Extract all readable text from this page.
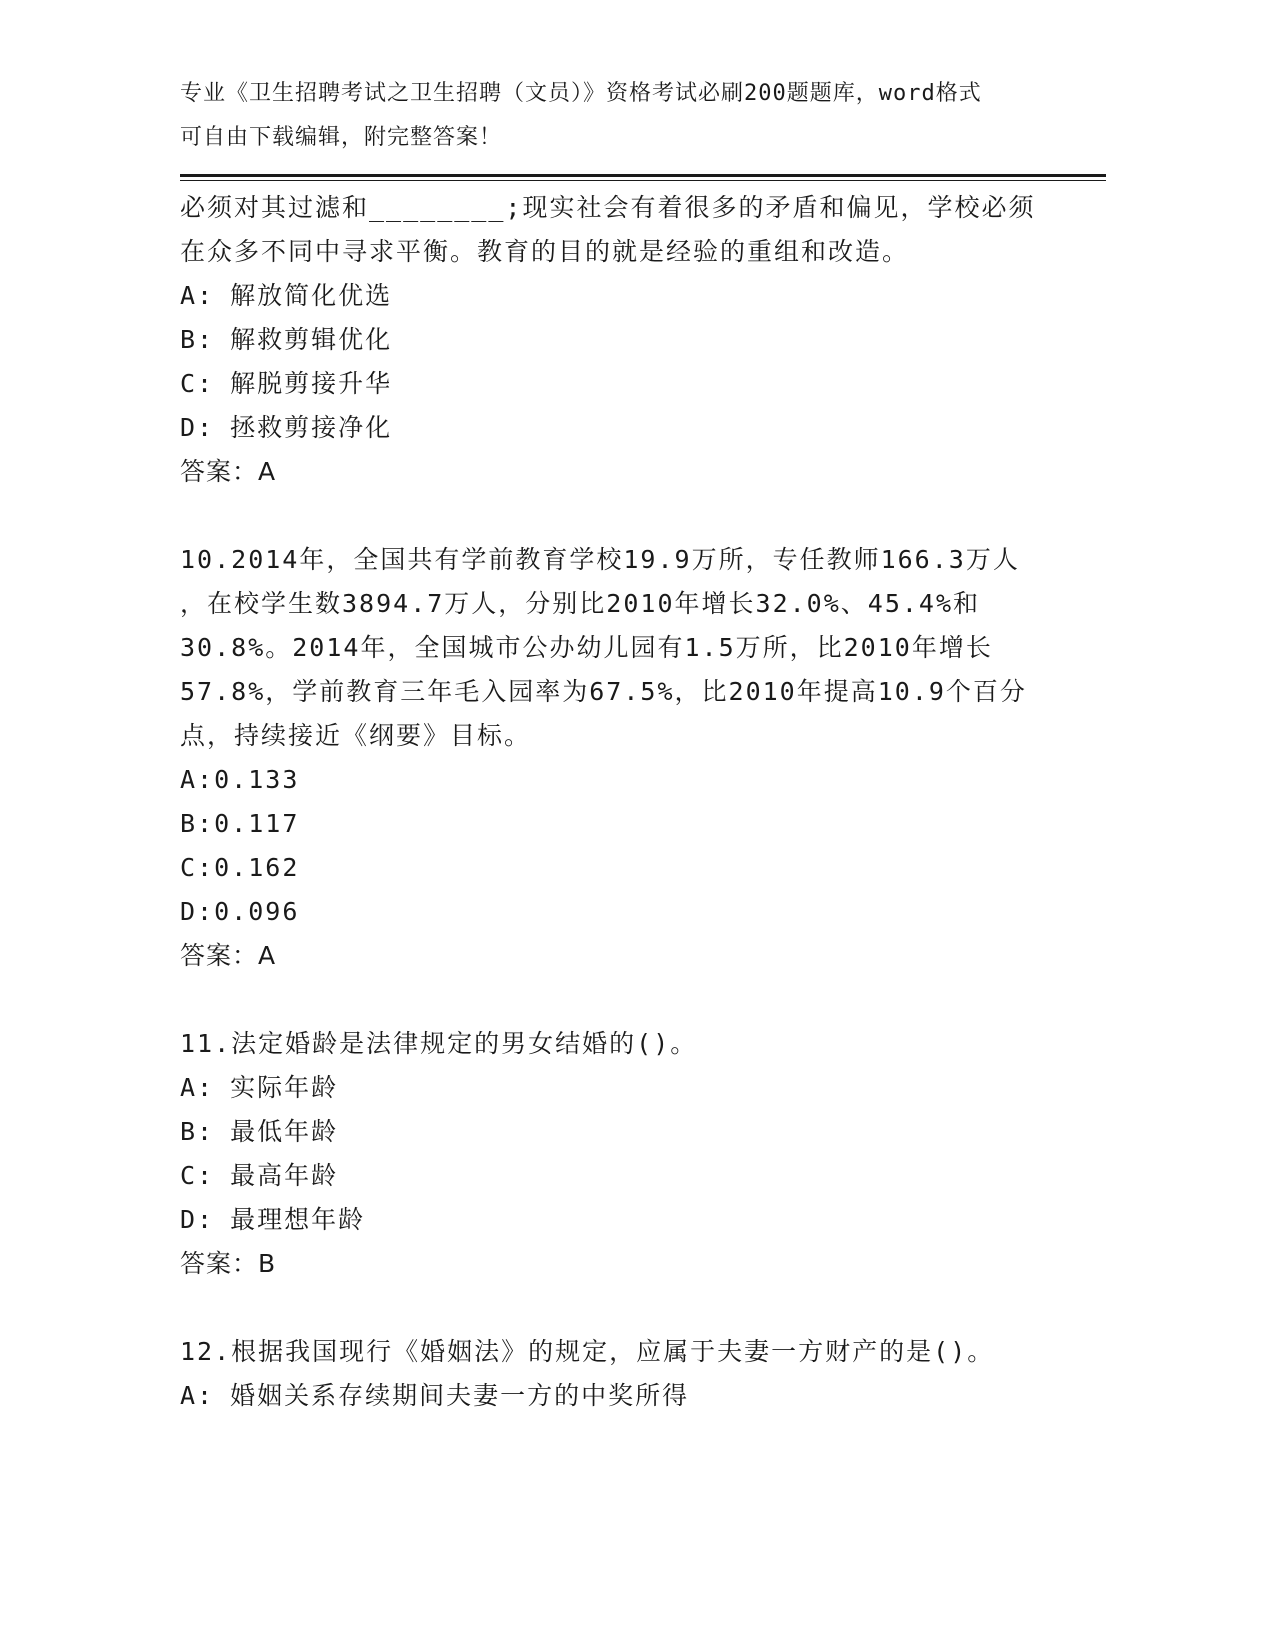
专业《卫生招聘考试之卫生招聘（文员）》资格考试必刷200题题库，word格式
可自由下载编辑，附完整答案！
必须对其过滤和________;现实社会有着很多的矛盾和偏见，学校必须
在众多不同中寻求平衡。教育的目的就是经验的重组和改造。
A: 解放简化优选
B: 解救剪辑优化
C: 解脱剪接升华
D: 拯救剪接净化
答案：A
10.2014年，全国共有学前教育学校19.9万所，专任教师166.3万人
，在校学生数3894.7万人，分别比2010年增长32.0%、45.4%和
30.8%。2014年，全国城市公办幼儿园有1.5万所，比2010年增长
57.8%，学前教育三年毛入园率为67.5%，比2010年提高10.9个百分
点，持续接近《纲要》目标。
A:0.133
B:0.117
C:0.162
D:0.096
答案：A
11.法定婚龄是法律规定的男女结婚的()。
A: 实际年龄
B: 最低年龄
C: 最高年龄
D: 最理想年龄
答案：B
12.根据我国现行《婚姻法》的规定，应属于夫妻一方财产的是()。
A: 婚姻关系存续期间夫妻一方的中奖所得
